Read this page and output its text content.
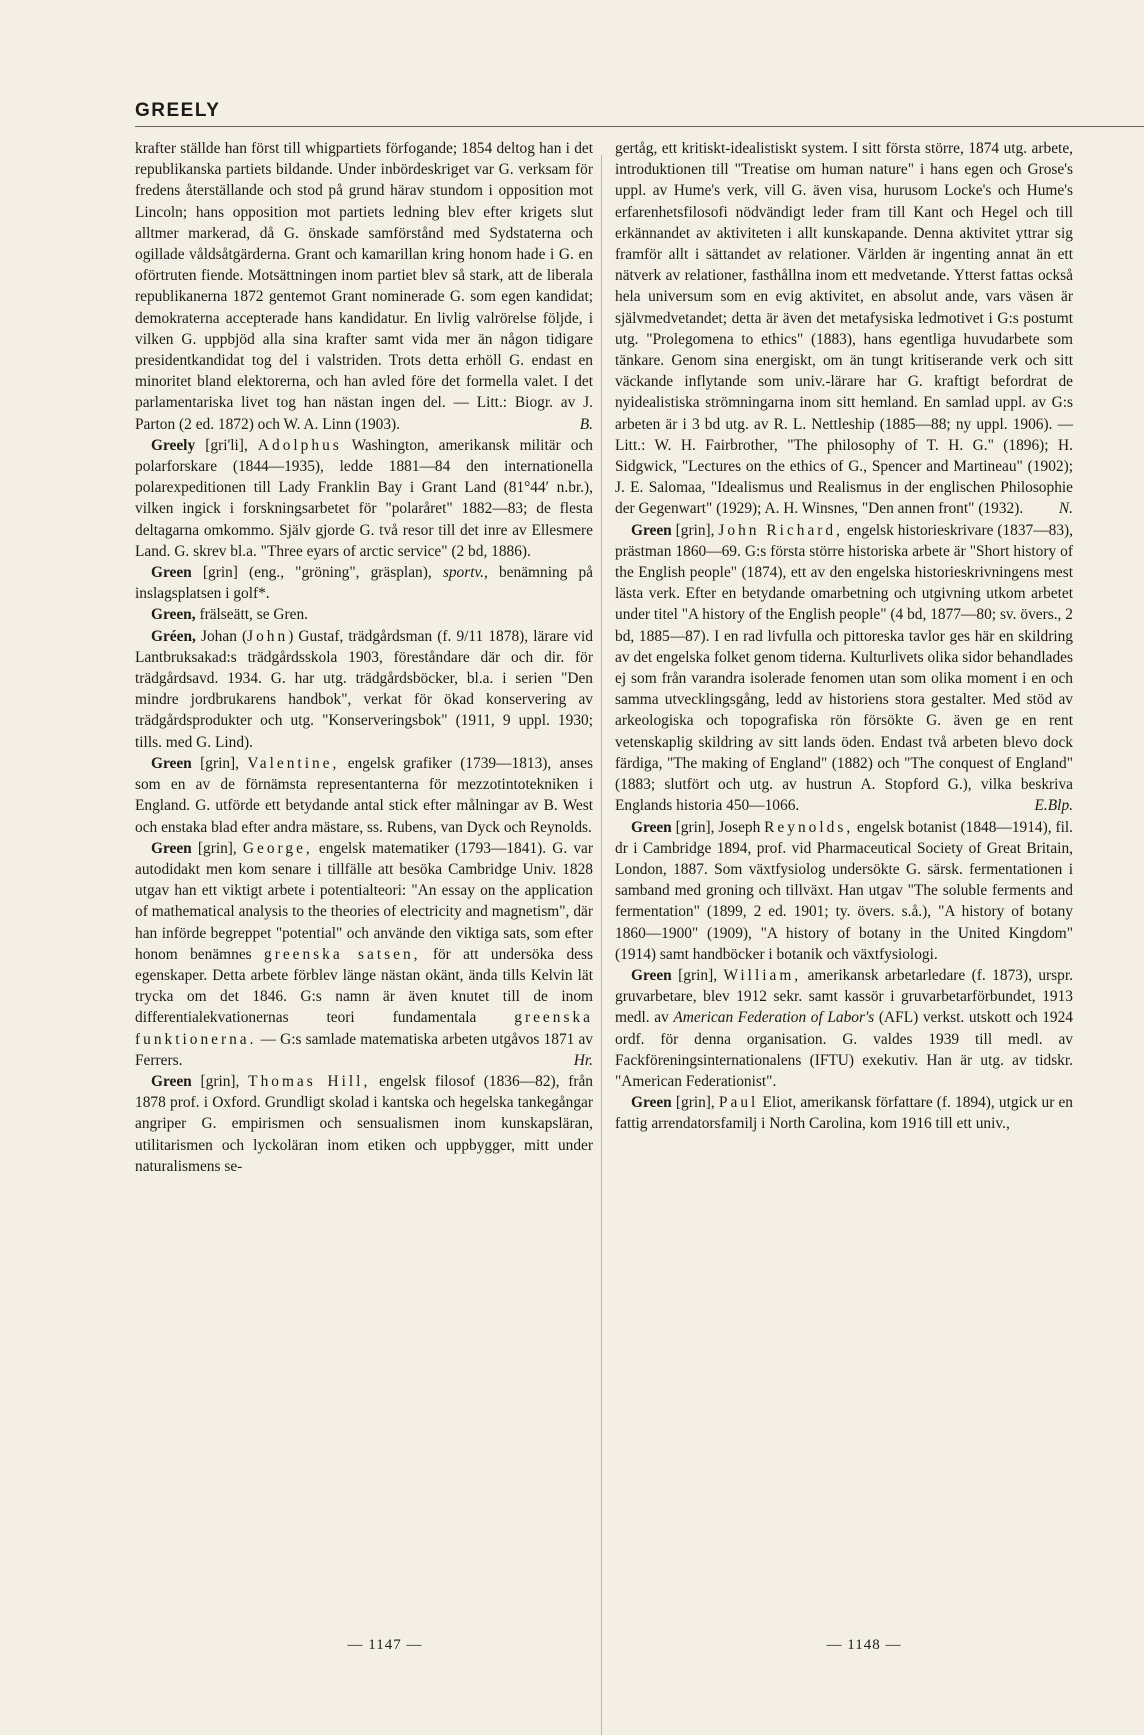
GREELY

krafter ställde han först till whigpartiets förfogande; 1854 deltog han i det republikanska partiets bildande. Under inbördeskriget var G. verksam för fredens återställande och stod på grund härav stundom i opposition mot Lincoln; hans opposition mot partiets ledning blev efter krigets slut alltmer markerad, då G. önskade samförstånd med Sydstaterna och ogillade våldsåtgärderna. Grant och kamarillan kring honom hade i G. en oförtruten fiende. Motsättningen inom partiet blev så stark, att de liberala republikanerna 1872 gentemot Grant nominerade G. som egen kandidat; demokraterna accepterade hans kandidatur. En livlig valrörelse följde, i vilken G. uppbjöd alla sina krafter samt vida mer än någon tidigare presidentkandidat tog del i valstriden. Trots detta erhöll G. endast en minoritet bland elektorerna, och han avled före det formella valet. I det parlamentariska livet tog han nästan ingen del. — Litt.: Biogr. av J. Parton (2 ed. 1872) och W. A. Linn (1903).	B.

Greely [gri'li], Adolphus Washington, amerikansk militär och polarforskare (1844—1935), ledde 1881—84 den internationella polarexpeditionen till Lady Franklin Bay i Grant Land (81°44′ n.br.), vilken ingick i forskningsarbetet för "polaråret" 1882—83; de flesta deltagarna omkommo. Själv gjorde G. två resor till det inre av Ellesmere Land. G. skrev bl.a. "Three eyars of arctic service" (2 bd, 1886).

Green [grin] (eng., "gröning", gräsplan), sportv., benämning på inslagsplatsen i golf*.

Green, frälseätt, se Gren.

Gréen, Johan (John) Gustaf, trädgårdsman (f. 9/11 1878), lärare vid Lantbruksakad:s trädgårdsskola 1903, föreståndare där och dir. för trädgårdsavd. 1934. G. har utg. trädgårdsböcker, bl.a. i serien "Den mindre jordbrukarens handbok", verkat för ökad konservering av trädgårdsprodukter och utg. "Konserveringsbok" (1911, 9 uppl. 1930; tills. med G. Lind).

Green [grin], Valentine, engelsk grafiker (1739—1813), anses som en av de förnämsta representanterna för mezzotintotekniken i England. G. utförde ett betydande antal stick efter målningar av B. West och enstaka blad efter andra mästare, ss. Rubens, van Dyck och Reynolds.

Green [grin], George, engelsk matematiker (1793—1841). G. var autodidakt men kom senare i tillfälle att besöka Cambridge Univ. 1828 utgav han ett viktigt arbete i potentialteori: "An essay on the application of mathematical analysis to the theories of electricity and magnetism", där han införde begreppet "potential" och använde den viktiga sats, som efter honom benämnes greenska satsen, för att undersöka dess egenskaper. Detta arbete förblev länge nästan okänt, ända tills Kelvin lät trycka om det 1846. G:s namn är även knutet till de inom differentialekvationernas teori fundamentala greenska funktionerna. — G:s samlade matematiska arbeten utgåvos 1871 av Ferrers.	Hr.

Green [grin], Thomas Hill, engelsk filosof (1836—82), från 1878 prof. i Oxford. Grundligt skolad i kantska och hegelska tankegångar angriper G. empirismen och sensualismen inom kunskapsläran, utilitarismen och lyckoläran inom etiken och uppbygger, mitt under naturalismens se-

gertåg, ett kritiskt-idealistiskt system. I sitt första större, 1874 utg. arbete, introduktionen till "Treatise om human nature" i hans egen och Grose's uppl. av Hume's verk, vill G. även visa, hurusom Locke's och Hume's erfarenhetsfilosofi nödvändigt leder fram till Kant och Hegel och till erkännandet av aktiviteten i allt kunskapande. Denna aktivitet yttrar sig framför allt i sättandet av relationer. Världen är ingenting annat än ett nätverk av relationer, fasthållna inom ett medvetande. Ytterst fattas också hela universum som en evig aktivitet, en absolut ande, vars väsen är självmedvetandet; detta är även det metafysiska ledmotivet i G:s postumt utg. "Prolegomena to ethics" (1883), hans egentliga huvudarbete som tänkare. Genom sina energiskt, om än tungt kritiserande verk och sitt väckande inflytande som univ.-lärare har G. kraftigt befordrat de nyidealistiska strömningarna inom sitt hemland. En samlad uppl. av G:s arbeten är i 3 bd utg. av R. L. Nettleship (1885—88; ny uppl. 1906). — Litt.: W. H. Fairbrother, "The philosophy of T. H. G." (1896); H. Sidgwick, "Lectures on the ethics of G., Spencer and Martineau" (1902); J. E. Salomaa, "Idealismus und Realismus in der englischen Philosophie der Gegenwart" (1929); A. H. Winsnes, "Den annen front" (1932). N.

Green [grin], John Richard, engelsk historieskrivare (1837—83), prästman 1860—69. G:s första större historiska arbete är "Short history of the English people" (1874), ett av den engelska historieskrivningens mest lästa verk. Efter en betydande omarbetning och utgivning utkom arbetet under titel "A history of the English people" (4 bd, 1877—80; sv. övers., 2 bd, 1885—87). I en rad livfulla och pittoreska tavlor ges här en skildring av det engelska folket genom tiderna. Kulturlivets olika sidor behandlades ej som från varandra isolerade fenomen utan som olika moment i en och samma utvecklingsgång, ledd av historiens stora gestalter. Med stöd av arkeologiska och topografiska rön försökte G. även ge en rent vetenskaplig skildring av sitt lands öden. Endast två arbeten blevo dock färdiga, "The making of England" (1882) och "The conquest of England" (1883; slutfört och utg. av hustrun A. Stopford G.), vilka beskriva Englands historia 450—1066.	E.Blp.

Green [grin], Joseph Reynolds, engelsk botanist (1848—1914), fil. dr i Cambridge 1894, prof. vid Pharmaceutical Society of Great Britain, London, 1887. Som växtfysiolog undersökte G. särsk. fermentationen i samband med groning och tillväxt. Han utgav "The soluble ferments and fermentation" (1899, 2 ed. 1901; ty. övers. s.å.), "A history of botany 1860—1900" (1909), "A history of botany in the United Kingdom" (1914) samt handböcker i botanik och växtfysiologi.

Green [grin], William, amerikansk arbetarledare (f. 1873), urspr. gruvarbetare, blev 1912 sekr. samt kassör i gruvarbetarförbundet, 1913 medl. av American Federation of Labor's (AFL) verkst. utskott och 1924 ordf. för denna organisation. G. valdes 1939 till medl. av Fackföreningsinternationalens (IFTU) exekutiv. Han är utg. av tidskr. "American Federationist".

Green [grin], Paul Eliot, amerikansk författare (f. 1894), utgick ur en fattig arrendatorsfamilj i North Carolina, kom 1916 till ett univ.,

— 1147 —	— 1148 —
